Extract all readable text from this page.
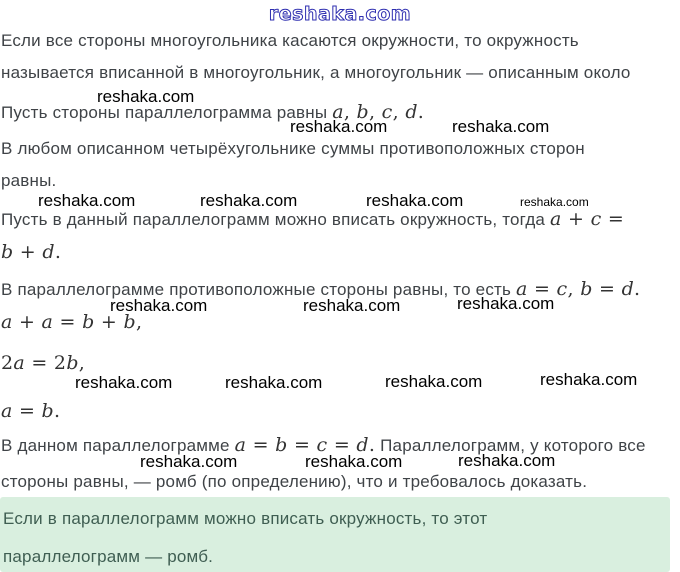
reshaka.com
Если все стороны многоугольника касаются окружности, то окружность
называется вписанной в многоугольник, а многоугольник — описанным около
reshaka.com
Пусть стороны параллелограмма равны a, b, c, d.
reshaka.com	reshaka.com
В любом описанном четырёхугольнике суммы противоположных сторон
равны.
reshaka.com	reshaka.com	reshaka.com	reshaka.com
Пусть в данный параллелограмм можно вписать окружность, тогда a + c =
b + d.
В параллелограмме противоположные стороны равны, то есть a = c, b = d.
reshaka.com	reshaka.com	reshaka.com
a + a = b + b,
2a = 2b,
reshaka.com	reshaka.com	reshaka.com	reshaka.com
a = b.
В данном параллелограмме a = b = c = d. Параллелограмм, у которого все
reshaka.com	reshaka.com	reshaka.com
стороны равны, — ромб (по определению), что и требовалось доказать.
Если в параллелограмм можно вписать окружность, то этот
параллелограмм — ромб.
